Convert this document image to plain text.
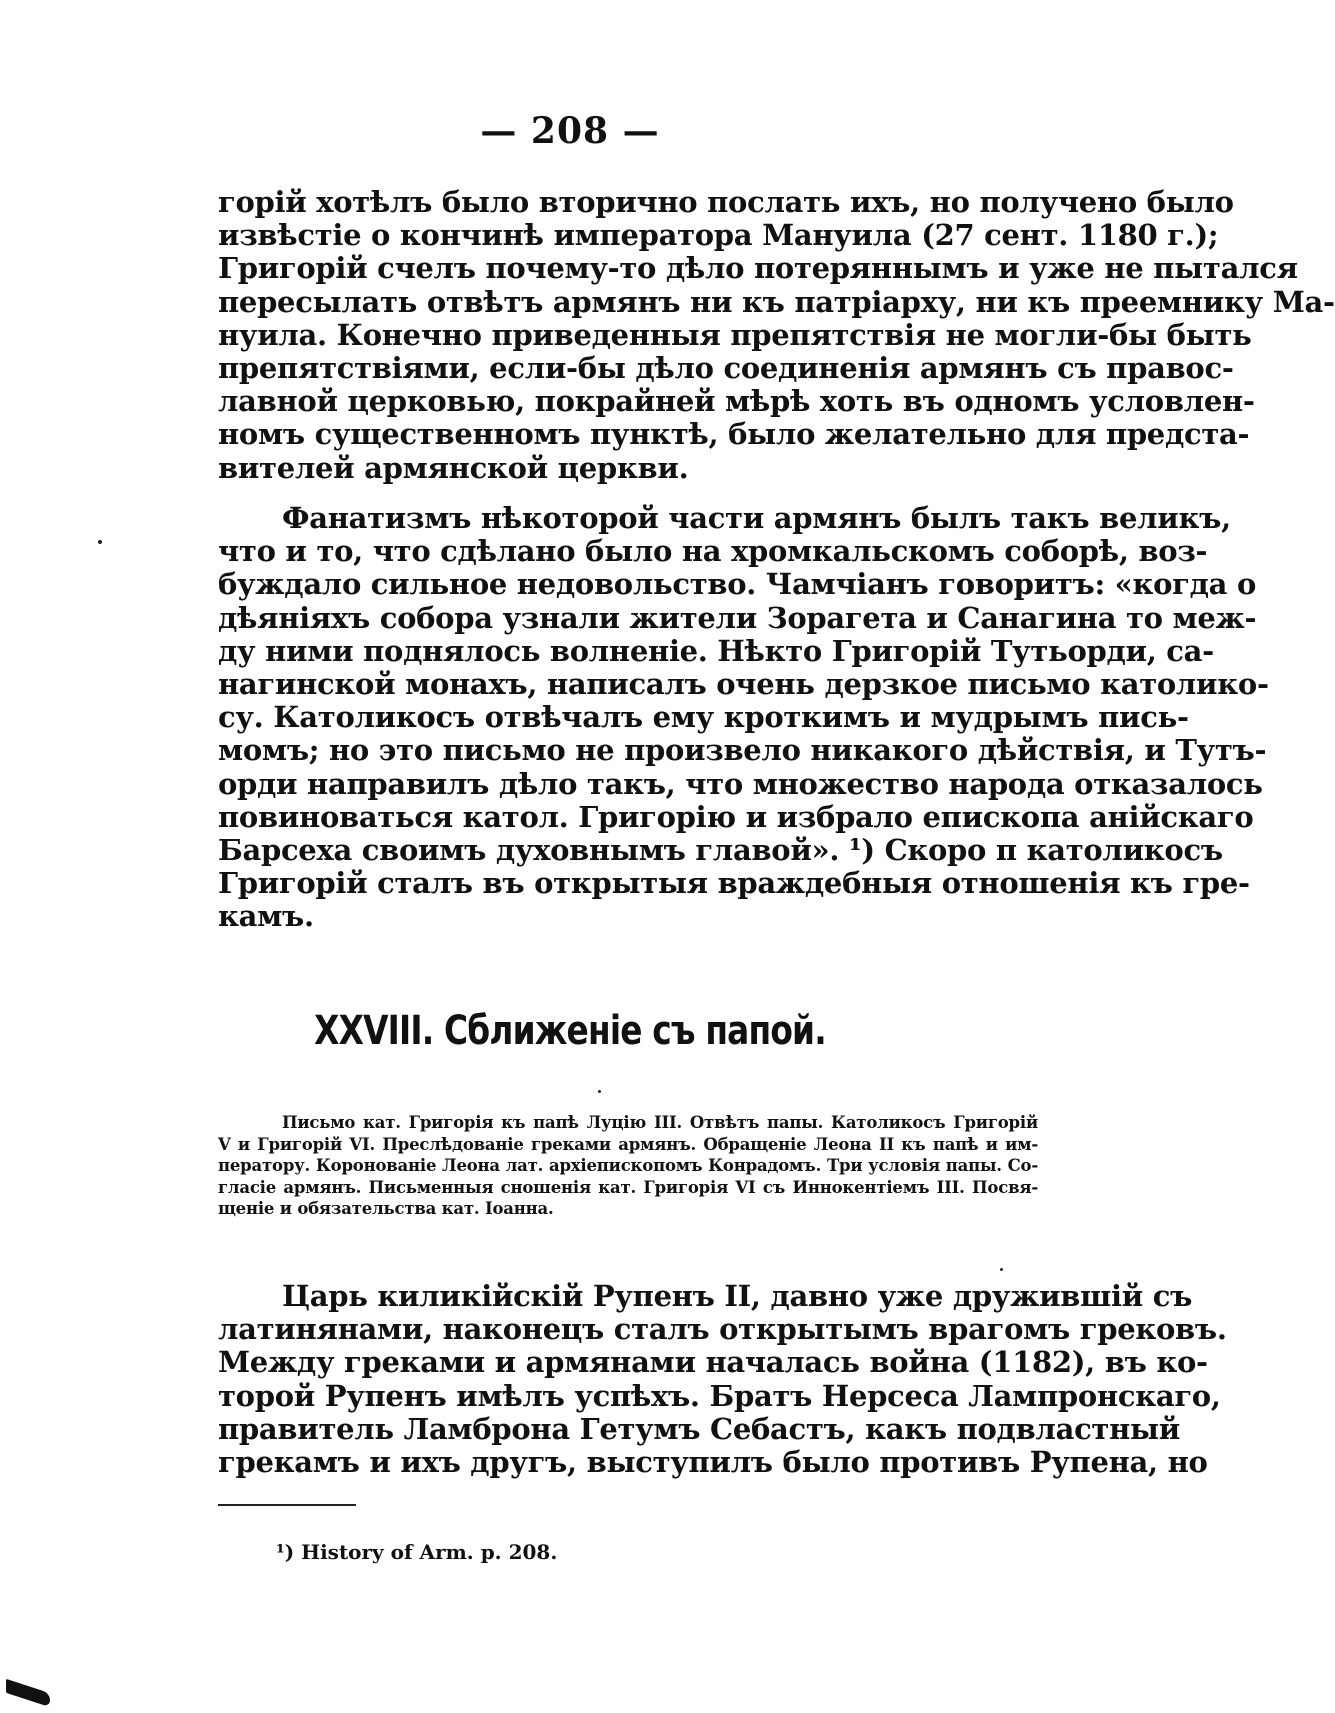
— 208 —
горій хотѣлъ было вторично послать ихъ, но получено было
извѣстіе о кончинѣ императора Мануила (27 сент. 1180 г.);
Григорій счелъ почему-то дѣло потеряннымъ и уже не пытался
пересылать отвѣтъ армянъ ни къ патріарху, ни къ преемнику Ма-
нуила. Конечно приведенныя препятствія не могли-бы быть
препятствіями, если-бы дѣло соединенія армянъ съ правос-
лавной церковью, покрайней мѣрѣ хоть въ одномъ условлен-
номъ существенномъ пунктѣ, было желательно для предста-
вителей армянской церкви.
Фанатизмъ нѣкоторой части армянъ былъ такъ великъ,
что и то, что сдѣлано было на хромкальскомъ соборѣ, воз-
буждало сильное недовольство. Чамчіанъ говоритъ: «когда о
дѣяніяхъ собора узнали жители Зорагета и Санагина то меж-
ду ними поднялось волненіе. Нѣкто Григорій Тутьорди, са-
нагинской монахъ, написалъ очень дерзкое письмо католико-
су. Католикосъ отвѣчалъ ему кроткимъ и мудрымъ пись-
момъ; но это письмо не произвело никакого дѣйствія, и Тутъ-
орди направилъ дѣло такъ, что множество народа отказалось
повиноваться катол. Григорію и избрало епископа анійскаго
Барсеха своимъ духовнымъ главой». ¹) Скоро п католикосъ
Григорій сталъ въ открытыя враждебныя отношенія къ гре-
камъ.
XXVIII. Сближеніе съ папой.
Письмо кат. Григорія къ папѣ Луцію III. Отвѣтъ папы. Католикосъ Григорій
V и Григорій VI. Преслѣдованіе греками армянъ. Обращеніе Леона II къ папѣ и им-
ператору. Коронованіе Леона лат. архіепископомъ Конрадомъ. Три условія папы. Со-
гласіе армянъ. Письменныя сношенія кат. Григорія VI съ Иннокентіемъ III. Посвя-
щеніе и обязательства кат. Іоанна.
Царь киликійскій Рупенъ II, давно уже дружившій съ
латинянами, наконецъ сталъ открытымъ врагомъ грековъ.
Между греками и армянами началась война (1182), въ ко-
торой Рупенъ имѣлъ успѣхъ. Братъ Нерсеса Лампронскаго,
правитель Ламброна Гетумъ Себастъ, какъ подвластный
грекамъ и ихъ другъ, выступилъ было противъ Рупена, но
¹) History of Arm. p. 208.
